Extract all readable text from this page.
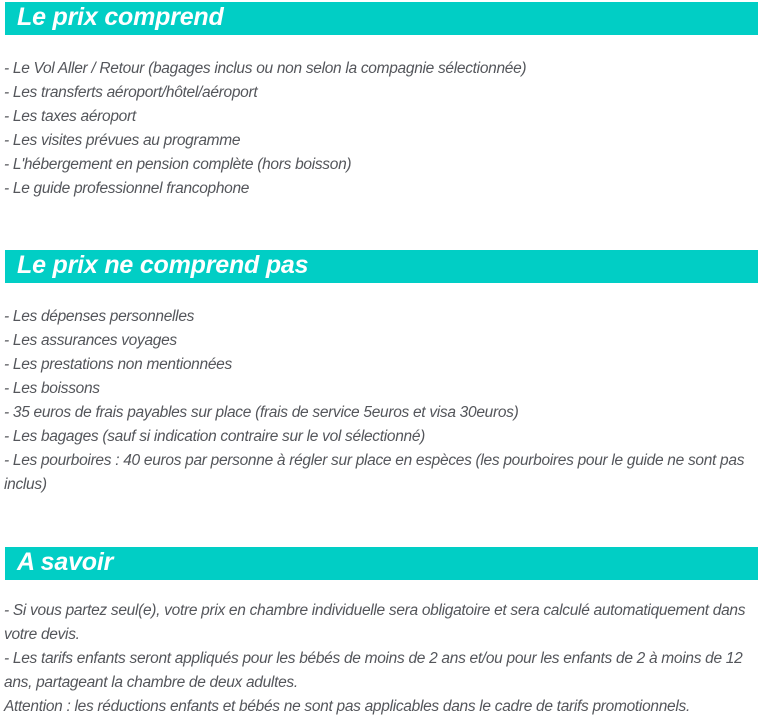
Le prix comprend
- Le Vol Aller / Retour (bagages inclus ou non selon la compagnie sélectionnée)
- Les transferts aéroport/hôtel/aéroport
- Les taxes aéroport
- Les visites prévues au programme
- L'hébergement en pension complète (hors boisson)
- Le guide professionnel francophone
Le prix ne comprend pas
- Les dépenses personnelles
- Les assurances voyages
- Les prestations non mentionnées
- Les boissons
- 35 euros de frais payables sur place (frais de service 5euros et visa 30euros)
- Les bagages (sauf si indication contraire sur le vol sélectionné)
- Les pourboires : 40 euros par personne à régler sur place en espèces (les pourboires pour le guide ne sont pas inclus)
A savoir
- Si vous partez seul(e), votre prix en chambre individuelle sera obligatoire et sera calculé automatiquement dans votre devis.
- Les tarifs enfants seront appliqués pour les bébés de moins de 2 ans et/ou pour les enfants de 2 à moins de 12 ans, partageant la chambre de deux adultes.
Attention : les réductions enfants et bébés ne sont pas applicables dans le cadre de tarifs promotionnels.
